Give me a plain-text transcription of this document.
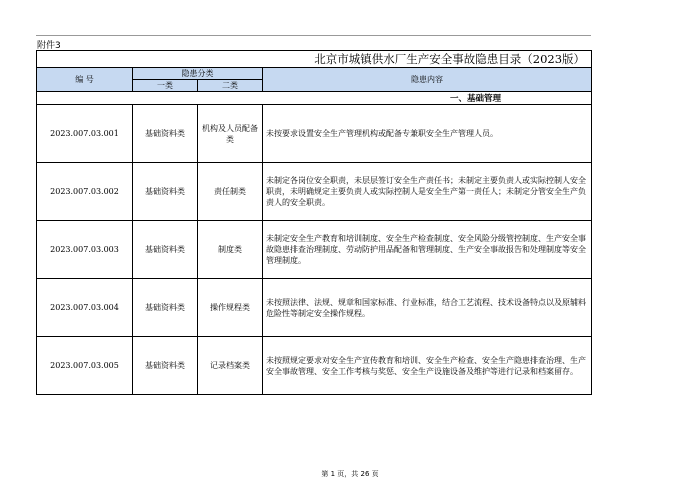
附件3
北京市城镇供水厂生产安全事故隐患目录（2023版）			
编 号	隐患分类		隐患内容
	一类	二类	
一、基础管理			
2023.007.03.001	基础资料类	机构及人员配备类	未按要求设置安全生产管理机构或配备专兼职安全生产管理人员。
2023.007.03.002	基础资料类	责任制类	未制定各岗位安全职责，未层层签订安全生产责任书；未制定主要负责人或实际控制人安全职责，未明确规定主要负责人或实际控制人是安全生产第一责任人；未制定分管安全生产负责人的安全职责。
2023.007.03.003	基础资料类	制度类	未制定安全生产教育和培训制度、安全生产检查制度、安全风险分级管控制度、生产安全事故隐患排查治理制度、劳动防护用品配备和管理制度、生产安全事故报告和处理制度等安全管理制度。
2023.007.03.004	基础资料类	操作规程类	未按照法律、法规、规章和国家标准、行业标准，结合工艺流程、技术设备特点以及原辅料危险性等制定安全操作规程。
2023.007.03.005	基础资料类	记录档案类	未按照规定要求对安全生产宣传教育和培训、安全生产检查、安全生产隐患排查治理、生产安全事故管理、安全工作考核与奖惩、安全生产设施设备及维护等进行记录和档案留存。
第 1 页，共 26 页
